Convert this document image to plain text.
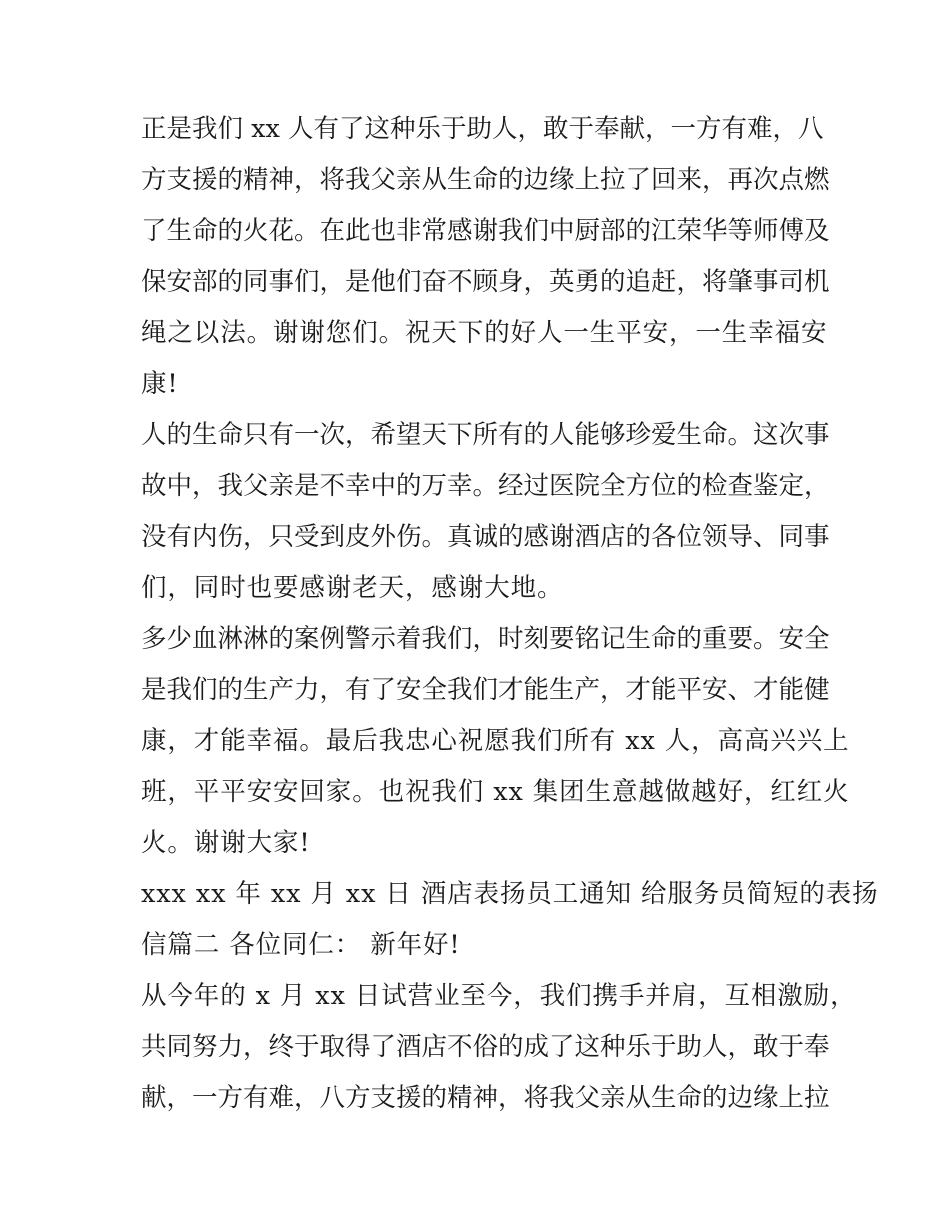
正是我们 xx 人有了这种乐于助人，敢于奉献，一方有难，八
方支援的精神，将我父亲从生命的边缘上拉了回来，再次点燃
了生命的火花。在此也非常感谢我们中厨部的江荣华等师傅及
保安部的同事们，是他们奋不顾身，英勇的追赶，将肇事司机
绳之以法。谢谢您们。祝天下的好人一生平安，一生幸福安
康!
人的生命只有一次，希望天下所有的人能够珍爱生命。这次事
故中，我父亲是不幸中的万幸。经过医院全方位的检查鉴定，
没有内伤，只受到皮外伤。真诚的感谢酒店的各位领导、同事
们，同时也要感谢老天，感谢大地。
多少血淋淋的案例警示着我们，时刻要铭记生命的重要。安全
是我们的生产力，有了安全我们才能生产，才能平安、才能健
康，才能幸福。最后我忠心祝愿我们所有 xx 人，高高兴兴上
班，平平安安回家。也祝我们 xx 集团生意越做越好，红红火
火。谢谢大家!
xxx xx 年 xx 月 xx 日 酒店表扬员工通知 给服务员简短的表扬
信篇二 各位同仁： 新年好!
从今年的 x 月 xx 日试营业至今，我们携手并肩，互相激励，
共同努力，终于取得了酒店不俗的成了这种乐于助人，敢于奉
献，一方有难，八方支援的精神，将我父亲从生命的边缘上拉
